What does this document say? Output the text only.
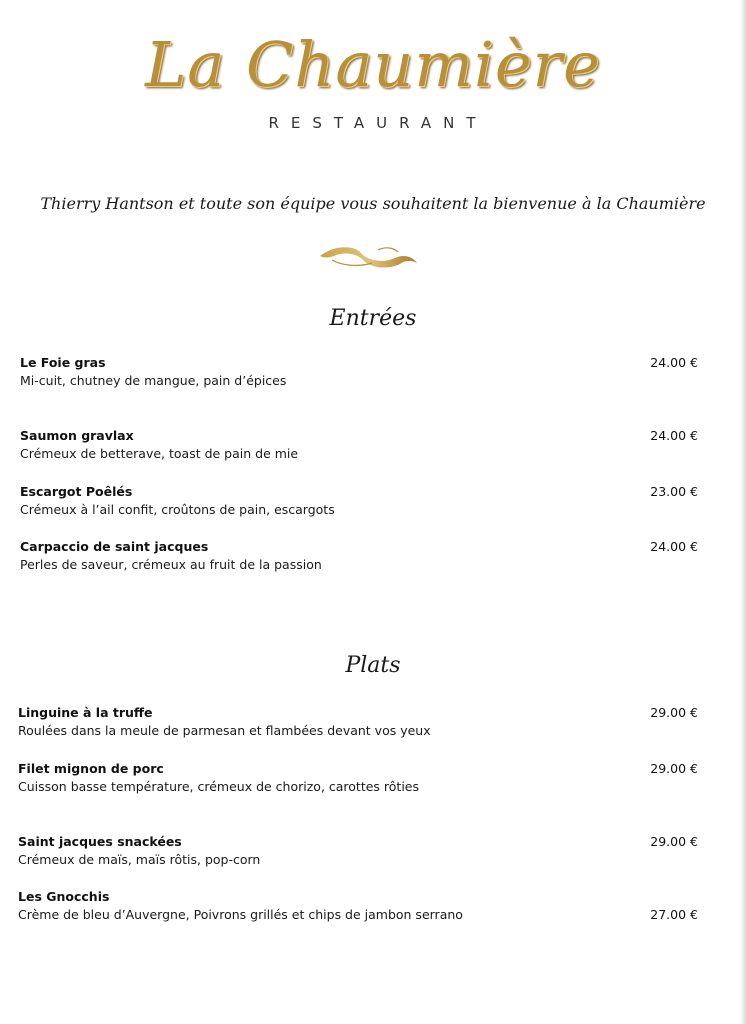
La Chaumière
RESTAURANT
Thierry Hantson et toute son équipe vous souhaitent la bienvenue à la Chaumière
Entrées
Le Foie gras
Mi-cuit, chutney de mangue, pain d’épices
24.00 €
Saumon gravlax
Crémeux de betterave, toast de pain de mie
24.00 €
Escargot Poêlés
Crémeux à l’ail confit, croûtons de pain, escargots
23.00 €
Carpaccio de saint jacques
Perles de saveur, crémeux au fruit de la passion
24.00 €
Plats
Linguine à la truffe
Roulées dans la meule de parmesan et flambées devant vos yeux
29.00 €
Filet mignon de porc
Cuisson basse température, crémeux de chorizo, carottes rôties
29.00 €
Saint jacques snackées
Crémeux de maïs, maïs rôtis, pop-corn
29.00 €
Les Gnocchis
Crème de bleu d’Auvergne, Poivrons grillés et chips de jambon serrano	27.00 €
